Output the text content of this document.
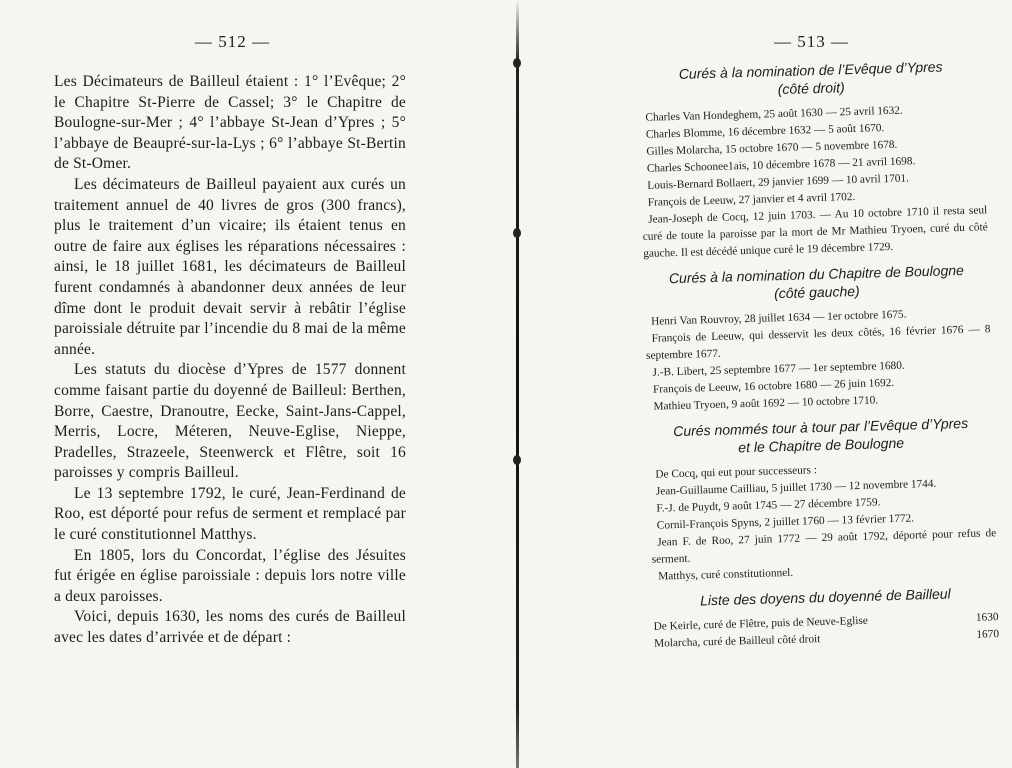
— 512 —

Les Décimateurs de Bailleul étaient : 1° l’Evêque; 2° le Chapitre St-Pierre de Cassel; 3° le Chapitre de Boulogne-sur-Mer ; 4° l’abbaye St-Jean d’Ypres ; 5° l’abbaye de Beaupré-sur-la-Lys ; 6° l’abbaye St-Bertin de St-Omer.

Les décimateurs de Bailleul payaient aux curés un traitement annuel de 40 livres de gros (300 francs), plus le traitement d’un vicaire; ils étaient tenus en outre de faire aux églises les réparations nécessaires : ainsi, le 18 juillet 1681, les décimateurs de Bailleul furent condamnés à abandonner deux années de leur dîme dont le produit devait servir à rebâtir l’église paroissiale détruite par l’incendie du 8 mai de la même année.

Les statuts du diocèse d’Ypres de 1577 donnent comme faisant partie du doyenné de Bailleul: Berthen, Borre, Caestre, Dranoutre, Eecke, Saint-Jans-Cappel, Merris, Locre, Méteren, Neuve-Eglise, Nieppe, Pradelles, Strazeele, Steenwerck et Flêtre, soit 16 paroisses y compris Bailleul.

Le 13 septembre 1792, le curé, Jean-Ferdinand de Roo, est déporté pour refus de serment et remplacé par le curé constitutionnel Matthys.

En 1805, lors du Concordat, l’église des Jésuites fut érigée en église paroissiale : depuis lors notre ville a deux paroisses.

Voici, depuis 1630, les noms des curés de Bailleul avec les dates d’arrivée et de départ :

— 513 —
Curés à la nomination de l’Evêque d’Ypres
(côté droit)

Charles Van Hondeghem, 25 août 1630 — 25 avril 1632.

Charles Blomme, 16 décembre 1632 — 5 août 1670.

Gilles Molarcha, 15 octobre 1670 — 5 novembre 1678.

Charles Schoonee1ais, 10 décembre 1678 — 21 avril 1698.

Louis-Bernard Bollaert, 29 janvier 1699 — 10 avril 1701.

François de Leeuw, 27 janvier et 4 avril 1702.

Jean-Joseph de Cocq, 12 juin 1703. — Au 10 octobre 1710 il resta seul curé de toute la paroisse par la mort de Mr Mathieu Tryoen, curé du côté gauche. Il est décédé unique curé le 19 décembre 1729.

Curés à la nomination du Chapitre de Boulogne
(côté gauche)

Henri Van Rouvroy, 28 juillet 1634 — 1er octobre 1675.

François de Leeuw, qui desservit les deux côtés, 16 février 1676 — 8 septembre 1677.

J.-B. Libert, 25 septembre 1677 — 1er septembre 1680.

François de Leeuw, 16 octobre 1680 — 26 juin 1692.

Mathieu Tryoen, 9 août 1692 — 10 octobre 1710.

Curés nommés tour à tour par l’Evêque d’Ypres
et le Chapitre de Boulogne

De Cocq, qui eut pour successeurs :

Jean-Guillaume Cailliau, 5 juillet 1730 — 12 novembre 1744.

F.-J. de Puydt, 9 août 1745 — 27 décembre 1759.

Cornil-François Spyns, 2 juillet 1760 — 13 février 1772.

Jean F. de Roo, 27 juin 1772 — 29 août 1792, déporté pour refus de serment.

Matthys, curé constitutionnel.

Liste des doyens du doyenné de Bailleul
De Keirle, curé de Flêtre, puis de Neuve-Eglise	1630
Molarcha, curé de Bailleul côté droit	1670
